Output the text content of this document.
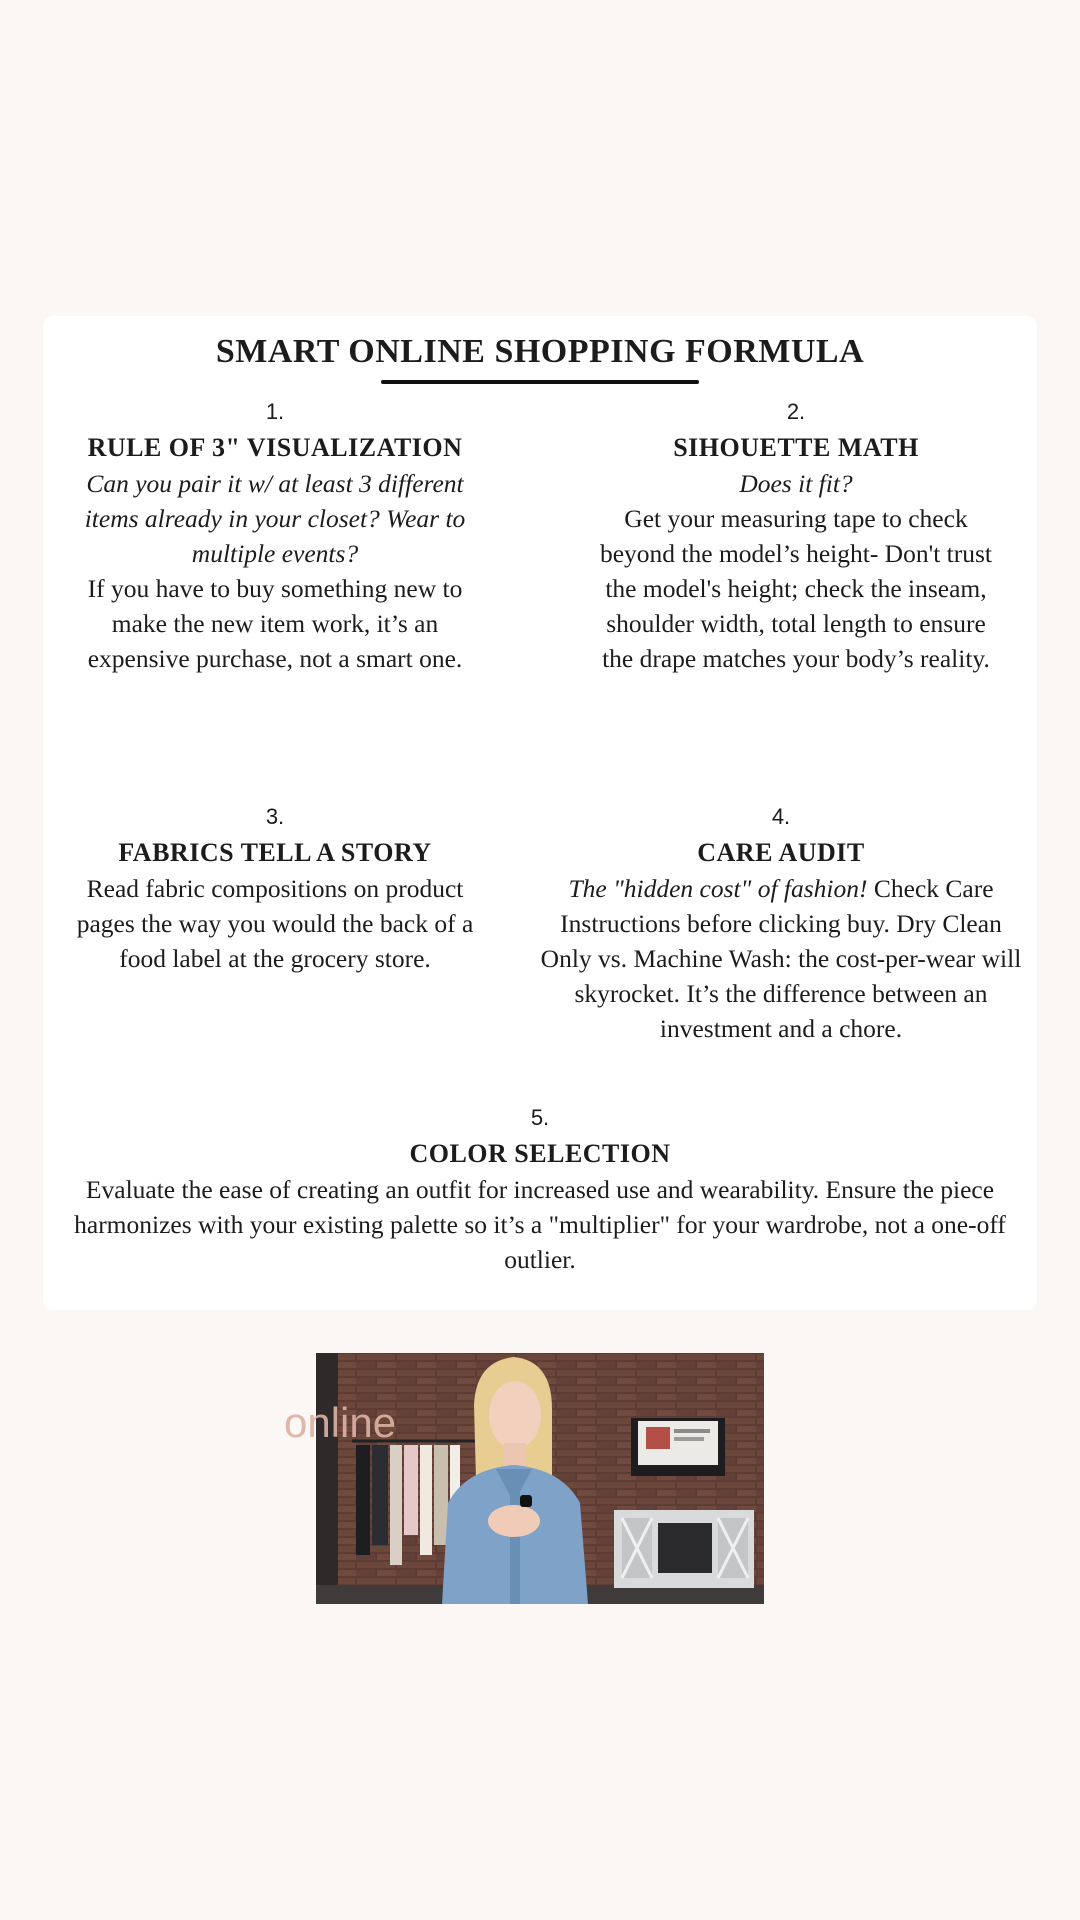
SMART ONLINE SHOPPING FORMULA
1.
RULE OF 3" VISUALIZATION
Can you pair it w/ at least 3 different items already in your closet? Wear to multiple events?
If you have to buy something new to make the new item work, it’s an expensive purchase, not a smart one.
2.
SIHOUETTE MATH
Does it fit?
Get your measuring tape to check beyond the model’s height- Don't trust the model's height; check the inseam, shoulder width, total length to ensure the drape matches your body’s reality.
3.
FABRICS TELL A STORY
Read fabric compositions on product pages the way you would the back of a food label at the grocery store.
4.
CARE AUDIT
The "hidden cost" of fashion! Check Care Instructions before clicking buy. Dry Clean Only vs. Machine Wash: the cost-per-wear will skyrocket. It’s the difference between an investment and a chore.
5.
COLOR SELECTION
Evaluate the ease of creating an outfit for increased use and wearability. Ensure the piece harmonizes with your existing palette so it’s a "multiplier" for your wardrobe, not a one-off outlier.
online
